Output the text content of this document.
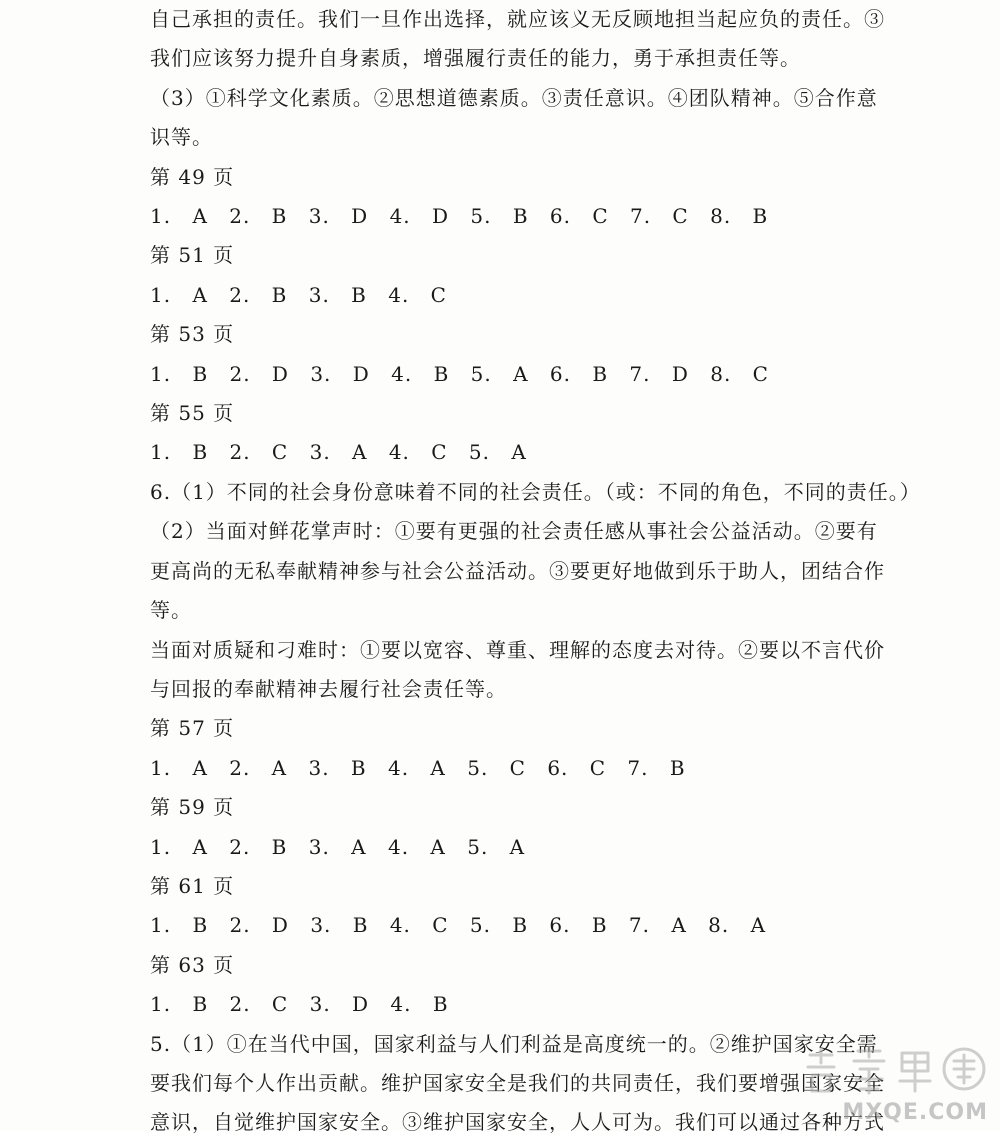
自己承担的责任。我们一旦作出选择，就应该义无反顾地担当起应负的责任。③

我们应该努力提升自身素质，增强履行责任的能力，勇于承担责任等。

（3）①科学文化素质。②思想道德素质。③责任意识。④团队精神。⑤合作意

识等。

第 49 页

1. A 2. B 3. D 4. D 5. B 6. C 7. C 8. B

第 51 页

1. A 2. B 3. B 4. C

第 53 页

1. B 2. D 3. D 4. B 5. A 6. B 7. D 8. C

第 55 页

1. B 2. C 3. A 4. C 5. A

6.（1）不同的社会身份意味着不同的社会责任。（或：不同的角色，不同的责任。）

（2）当面对鲜花掌声时：①要有更强的社会责任感从事社会公益活动。②要有

更高尚的无私奉献精神参与社会公益活动。③要更好地做到乐于助人，团结合作

等。

当面对质疑和刁难时：①要以宽容、尊重、理解的态度去对待。②要以不言代价

与回报的奉献精神去履行社会责任等。

第 57 页

1. A 2. A 3. B 4. A 5. C 6. C 7. B

第 59 页

1. A 2. B 3. A 4. A 5. A

第 61 页

1. B 2. D 3. B 4. C 5. B 6. B 7. A 8. A

第 63 页

1. B 2. C 3. D 4. B

5.（1）①在当代中国，国家利益与人们利益是高度统一的。②维护国家安全需

要我们每个人作出贡献。维护国家安全是我们的共同责任，我们要增强国家安全

意识，自觉维护国家安全。③维护国家安全，人人可为。我们可以通过各种方式

MXQE.COM
